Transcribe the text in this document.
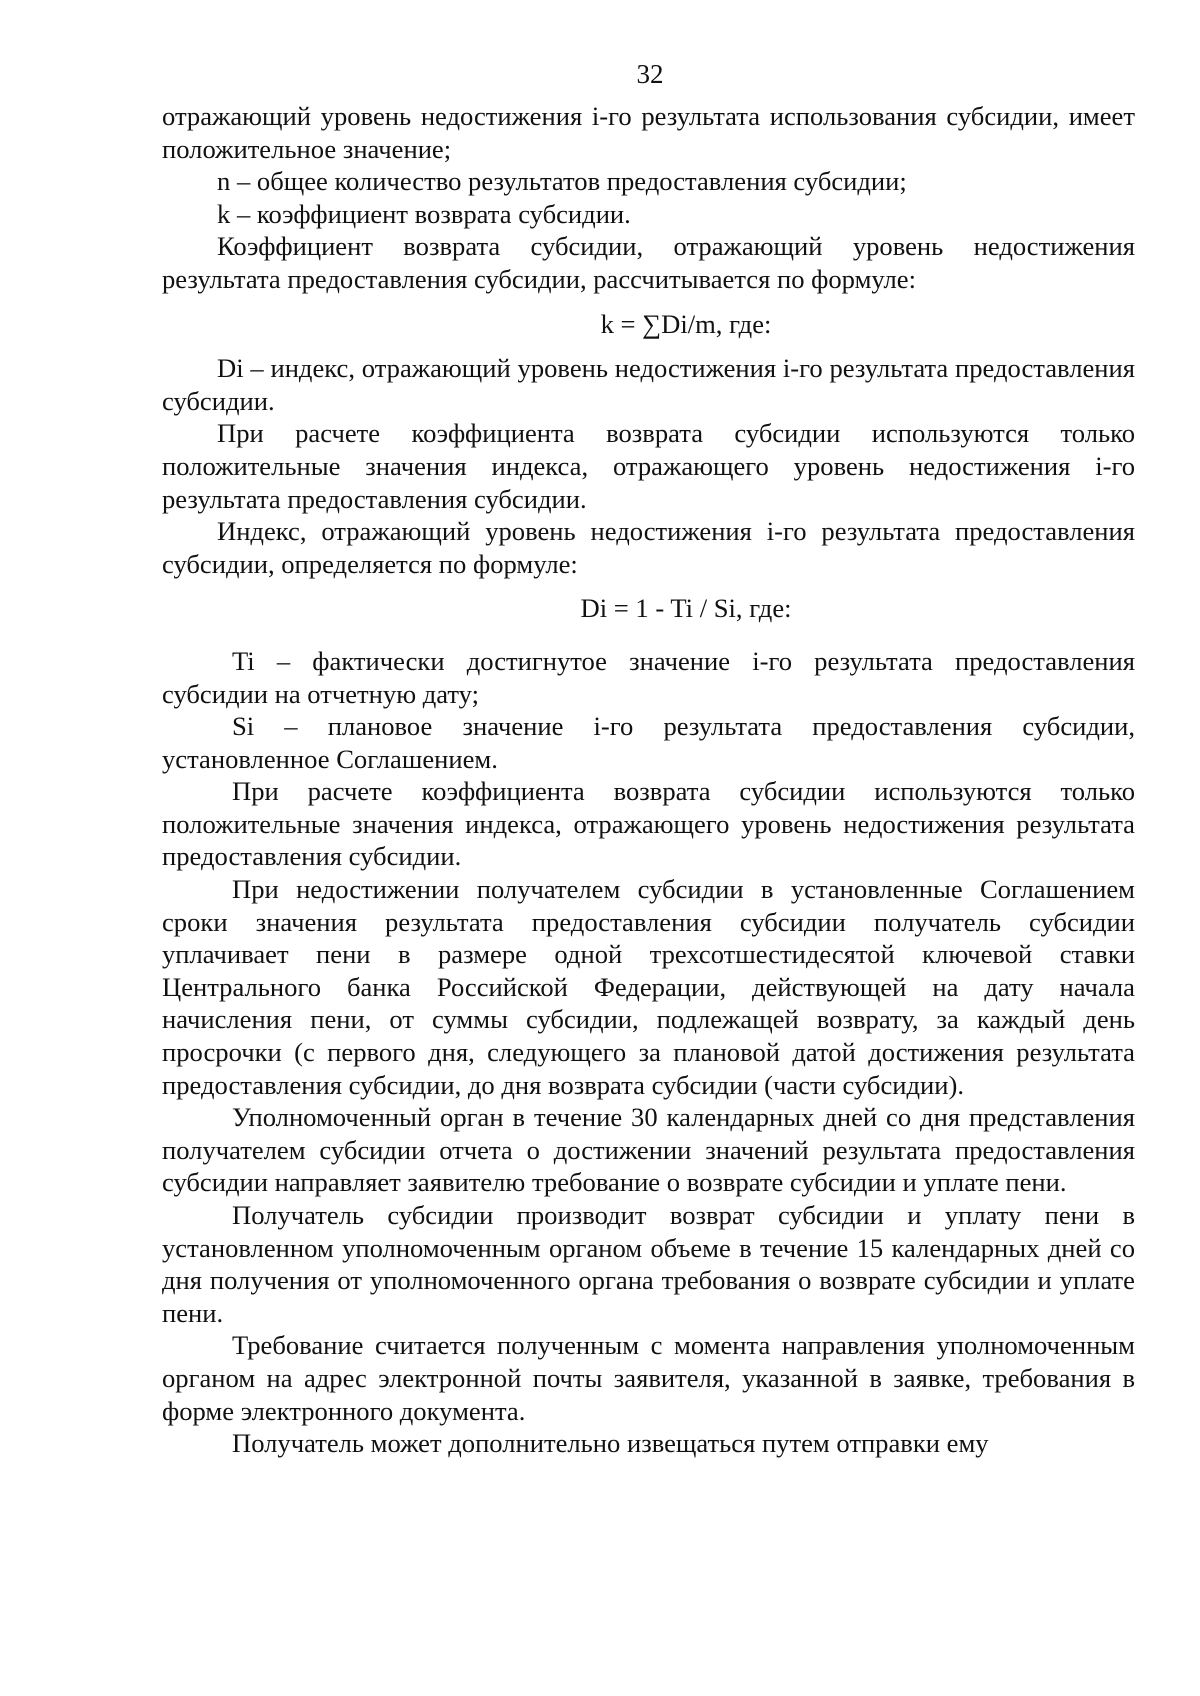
32

отражающий уровень недостижения i-го результата использования субсидии, имеет положительное значение;

n – общее количество результатов предоставления субсидии;

k – коэффициент возврата субсидии.

Коэффициент возврата субсидии, отражающий уровень недостижения результата предоставления субсидии, рассчитывается по формуле:

k = ∑Di/m, где:

Di – индекс, отражающий уровень недостижения i-го результата предоставления субсидии.

При расчете коэффициента возврата субсидии используются только положительные значения индекса, отражающего уровень недостижения i-го результата предоставления субсидии.

Индекс, отражающий уровень недостижения i-го результата предоставления субсидии, определяется по формуле:

Di = 1 - Ti / Si, где:

Ti – фактически достигнутое значение i-го результата предоставления субсидии на отчетную дату;

Si – плановое значение i-го результата предоставления субсидии, установленное Соглашением.

При расчете коэффициента возврата субсидии используются только положительные значения индекса, отражающего уровень недостижения результата предоставления субсидии.

При недостижении получателем субсидии в установленные Соглашением сроки значения результата предоставления субсидии получатель субсидии уплачивает пени в размере одной трехсотшестидесятой ключевой ставки Центрального банка Российской Федерации, действующей на дату начала начисления пени, от суммы субсидии, подлежащей возврату, за каждый день просрочки (с первого дня, следующего за плановой датой достижения результата предоставления субсидии, до дня возврата субсидии (части субсидии).

Уполномоченный орган в течение 30 календарных дней со дня представления получателем субсидии отчета о достижении значений результата предоставления субсидии направляет заявителю требование о возврате субсидии и уплате пени.

Получатель субсидии производит возврат субсидии и уплату пени в установленном уполномоченным органом объеме в течение 15 календарных дней со дня получения от уполномоченного органа требования о возврате субсидии и уплате пени.

Требование считается полученным с момента направления уполномоченным органом на адрес электронной почты заявителя, указанной в заявке, требования в форме электронного документа.

Получатель может дополнительно извещаться путем отправки ему
